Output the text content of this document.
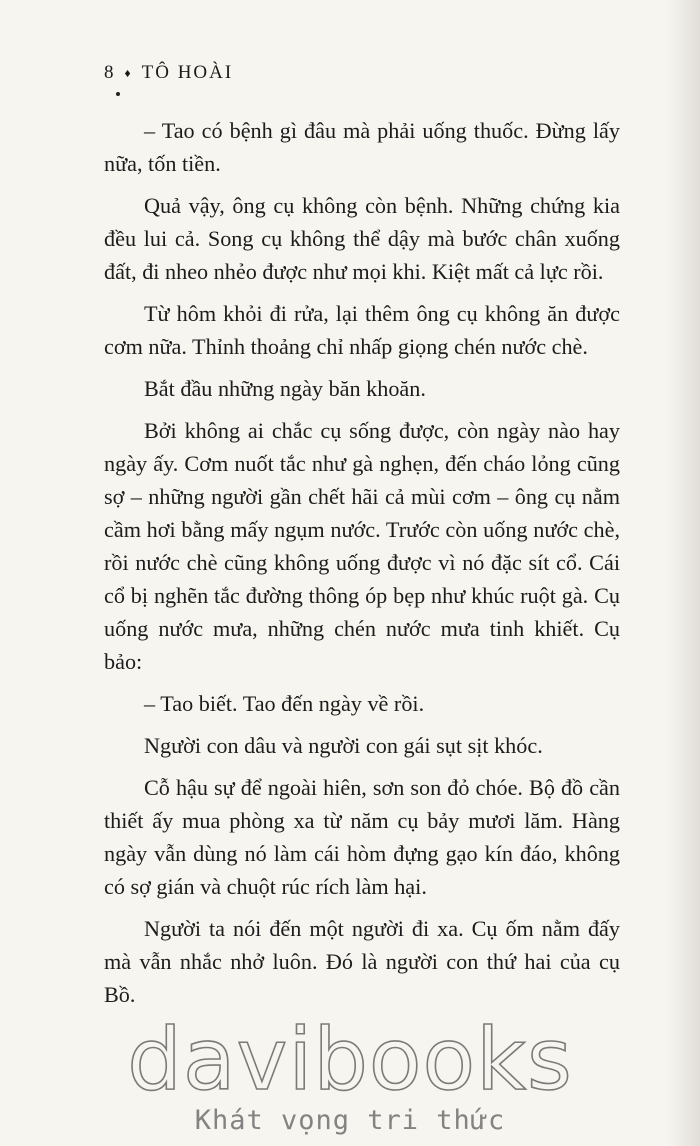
8 ♦ TÔ HOÀI

– Tao có bệnh gì đâu mà phải uống thuốc. Đừng lấy nữa, tốn tiền.

Quả vậy, ông cụ không còn bệnh. Những chứng kia đều lui cả. Song cụ không thể dậy mà bước chân xuống đất, đi nheo nhẻo được như mọi khi. Kiệt mất cả lực rồi.

Từ hôm khỏi đi rửa, lại thêm ông cụ không ăn được cơm nữa. Thỉnh thoảng chỉ nhấp giọng chén nước chè.

Bắt đầu những ngày băn khoăn.

Bởi không ai chắc cụ sống được, còn ngày nào hay ngày ấy. Cơm nuốt tắc như gà nghẹn, đến cháo lỏng cũng sợ – những người gần chết hãi cả mùi cơm – ông cụ nằm cầm hơi bằng mấy ngụm nước. Trước còn uống nước chè, rồi nước chè cũng không uống được vì nó đặc sít cổ. Cái cổ bị nghẽn tắc đường thông óp bẹp như khúc ruột gà. Cụ uống nước mưa, những chén nước mưa tinh khiết. Cụ bảo:

– Tao biết. Tao đến ngày về rồi.

Người con dâu và người con gái sụt sịt khóc.

Cỗ hậu sự để ngoài hiên, sơn son đỏ chóe. Bộ đồ cần thiết ấy mua phòng xa từ năm cụ bảy mươi lăm. Hàng ngày vẫn dùng nó làm cái hòm đựng gạo kín đáo, không có sợ gián và chuột rúc rích làm hại.

Người ta nói đến một người đi xa. Cụ ốm nằm đấy mà vẫn nhắc nhở luôn. Đó là người con thứ hai của cụ Bồ.

davibooks
Khát vọng tri thức
